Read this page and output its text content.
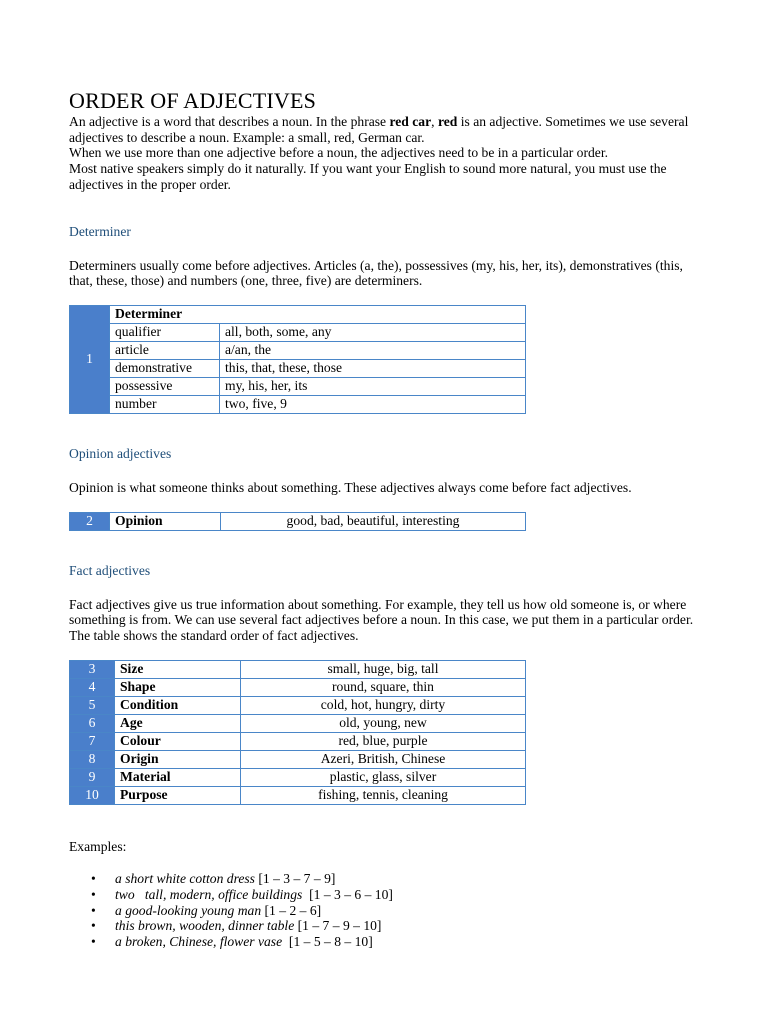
ORDER OF ADJECTIVES

An adjective is a word that describes a noun. In the phrase red car, red is an adjective. Sometimes we use several adjectives to describe a noun. Example: a small, red, German car.

When we use more than one adjective before a noun, the adjectives need to be in a particular order.

Most native speakers simply do it naturally. If you want your English to sound more natural, you must use the adjectives in the proper order.

Determiner

Determiners usually come before adjectives. Articles (a, the), possessives (my, his, her, its), demonstratives (this, that, these, those) and numbers (one, three, five) are determiners.

1	Determiner	
	qualifier	all, both, some, any
	article	a/an, the
	demonstrative	this, that, these, those
	possessive	my, his, her, its
	number	two, five, 9

Opinion adjectives

Opinion is what someone thinks about something. These adjectives always come before fact adjectives.

2	Opinion	good, bad, beautiful, interesting

Fact adjectives

Fact adjectives give us true information about something. For example, they tell us how old someone is, or where something is from. We can use several fact adjectives before a noun. In this case, we put them in a particular order. The table shows the standard order of fact adjectives.

3	Size	small, huge, big, tall
4	Shape	round, square, thin
5	Condition	cold, hot, hungry, dirty
6	Age	old, young, new
7	Colour	red, blue, purple
8	Origin	Azeri, British, Chinese
9	Material	plastic, glass, silver
10	Purpose	fishing, tennis, cleaning

Examples:

• a short white cotton dress [1 – 3 – 7 – 9]
• two   tall, modern, office buildings  [1 – 3 – 6 – 10]
• a good-looking young man [1 – 2 – 6]
• this brown, wooden, dinner table [1 – 7 – 9 – 10]
• a broken, Chinese, flower vase  [1 – 5 – 8 – 10]
